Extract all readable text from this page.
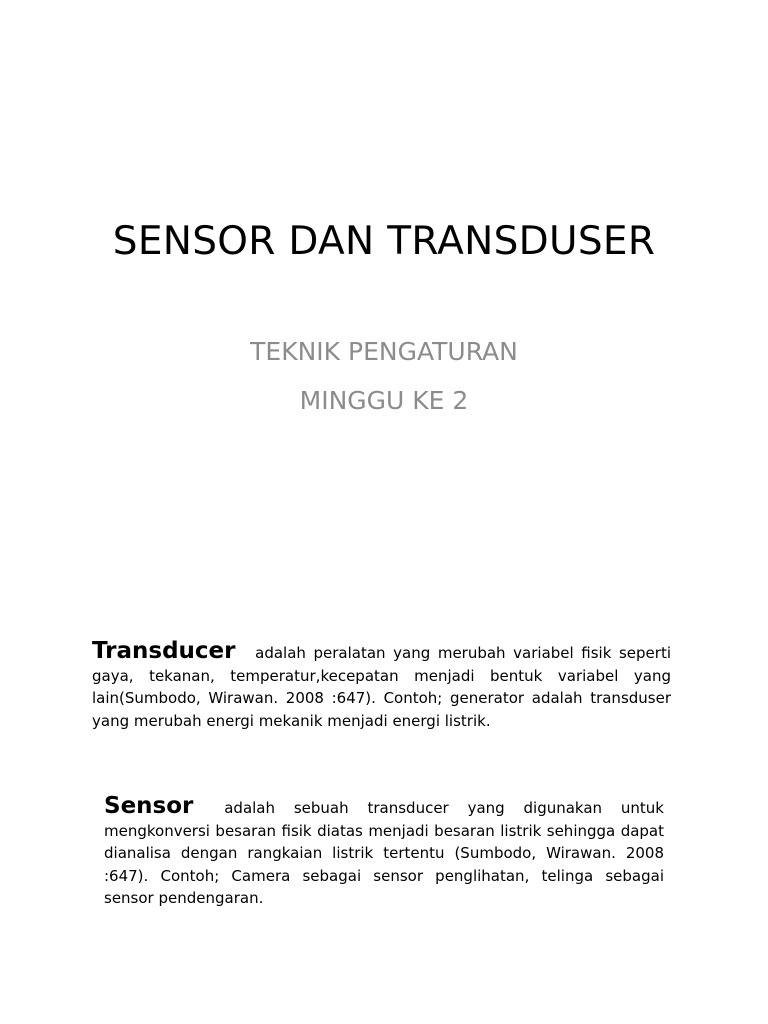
SENSOR DAN TRANSDUSER
TEKNIK PENGATURAN
MINGGU KE 2
Transducer adalah peralatan yang merubah variabel fisik seperti gaya, tekanan, temperatur,kecepatan menjadi bentuk variabel yang lain(Sumbodo, Wirawan. 2008 :647). Contoh; generator adalah transduser yang merubah energi mekanik menjadi energi listrik.
Sensor adalah sebuah transducer yang digunakan untuk mengkonversi besaran fisik diatas menjadi besaran listrik sehingga dapat dianalisa dengan rangkaian listrik tertentu (Sumbodo, Wirawan. 2008 :647). Contoh; Camera sebagai sensor penglihatan, telinga sebagai sensor pendengaran.
